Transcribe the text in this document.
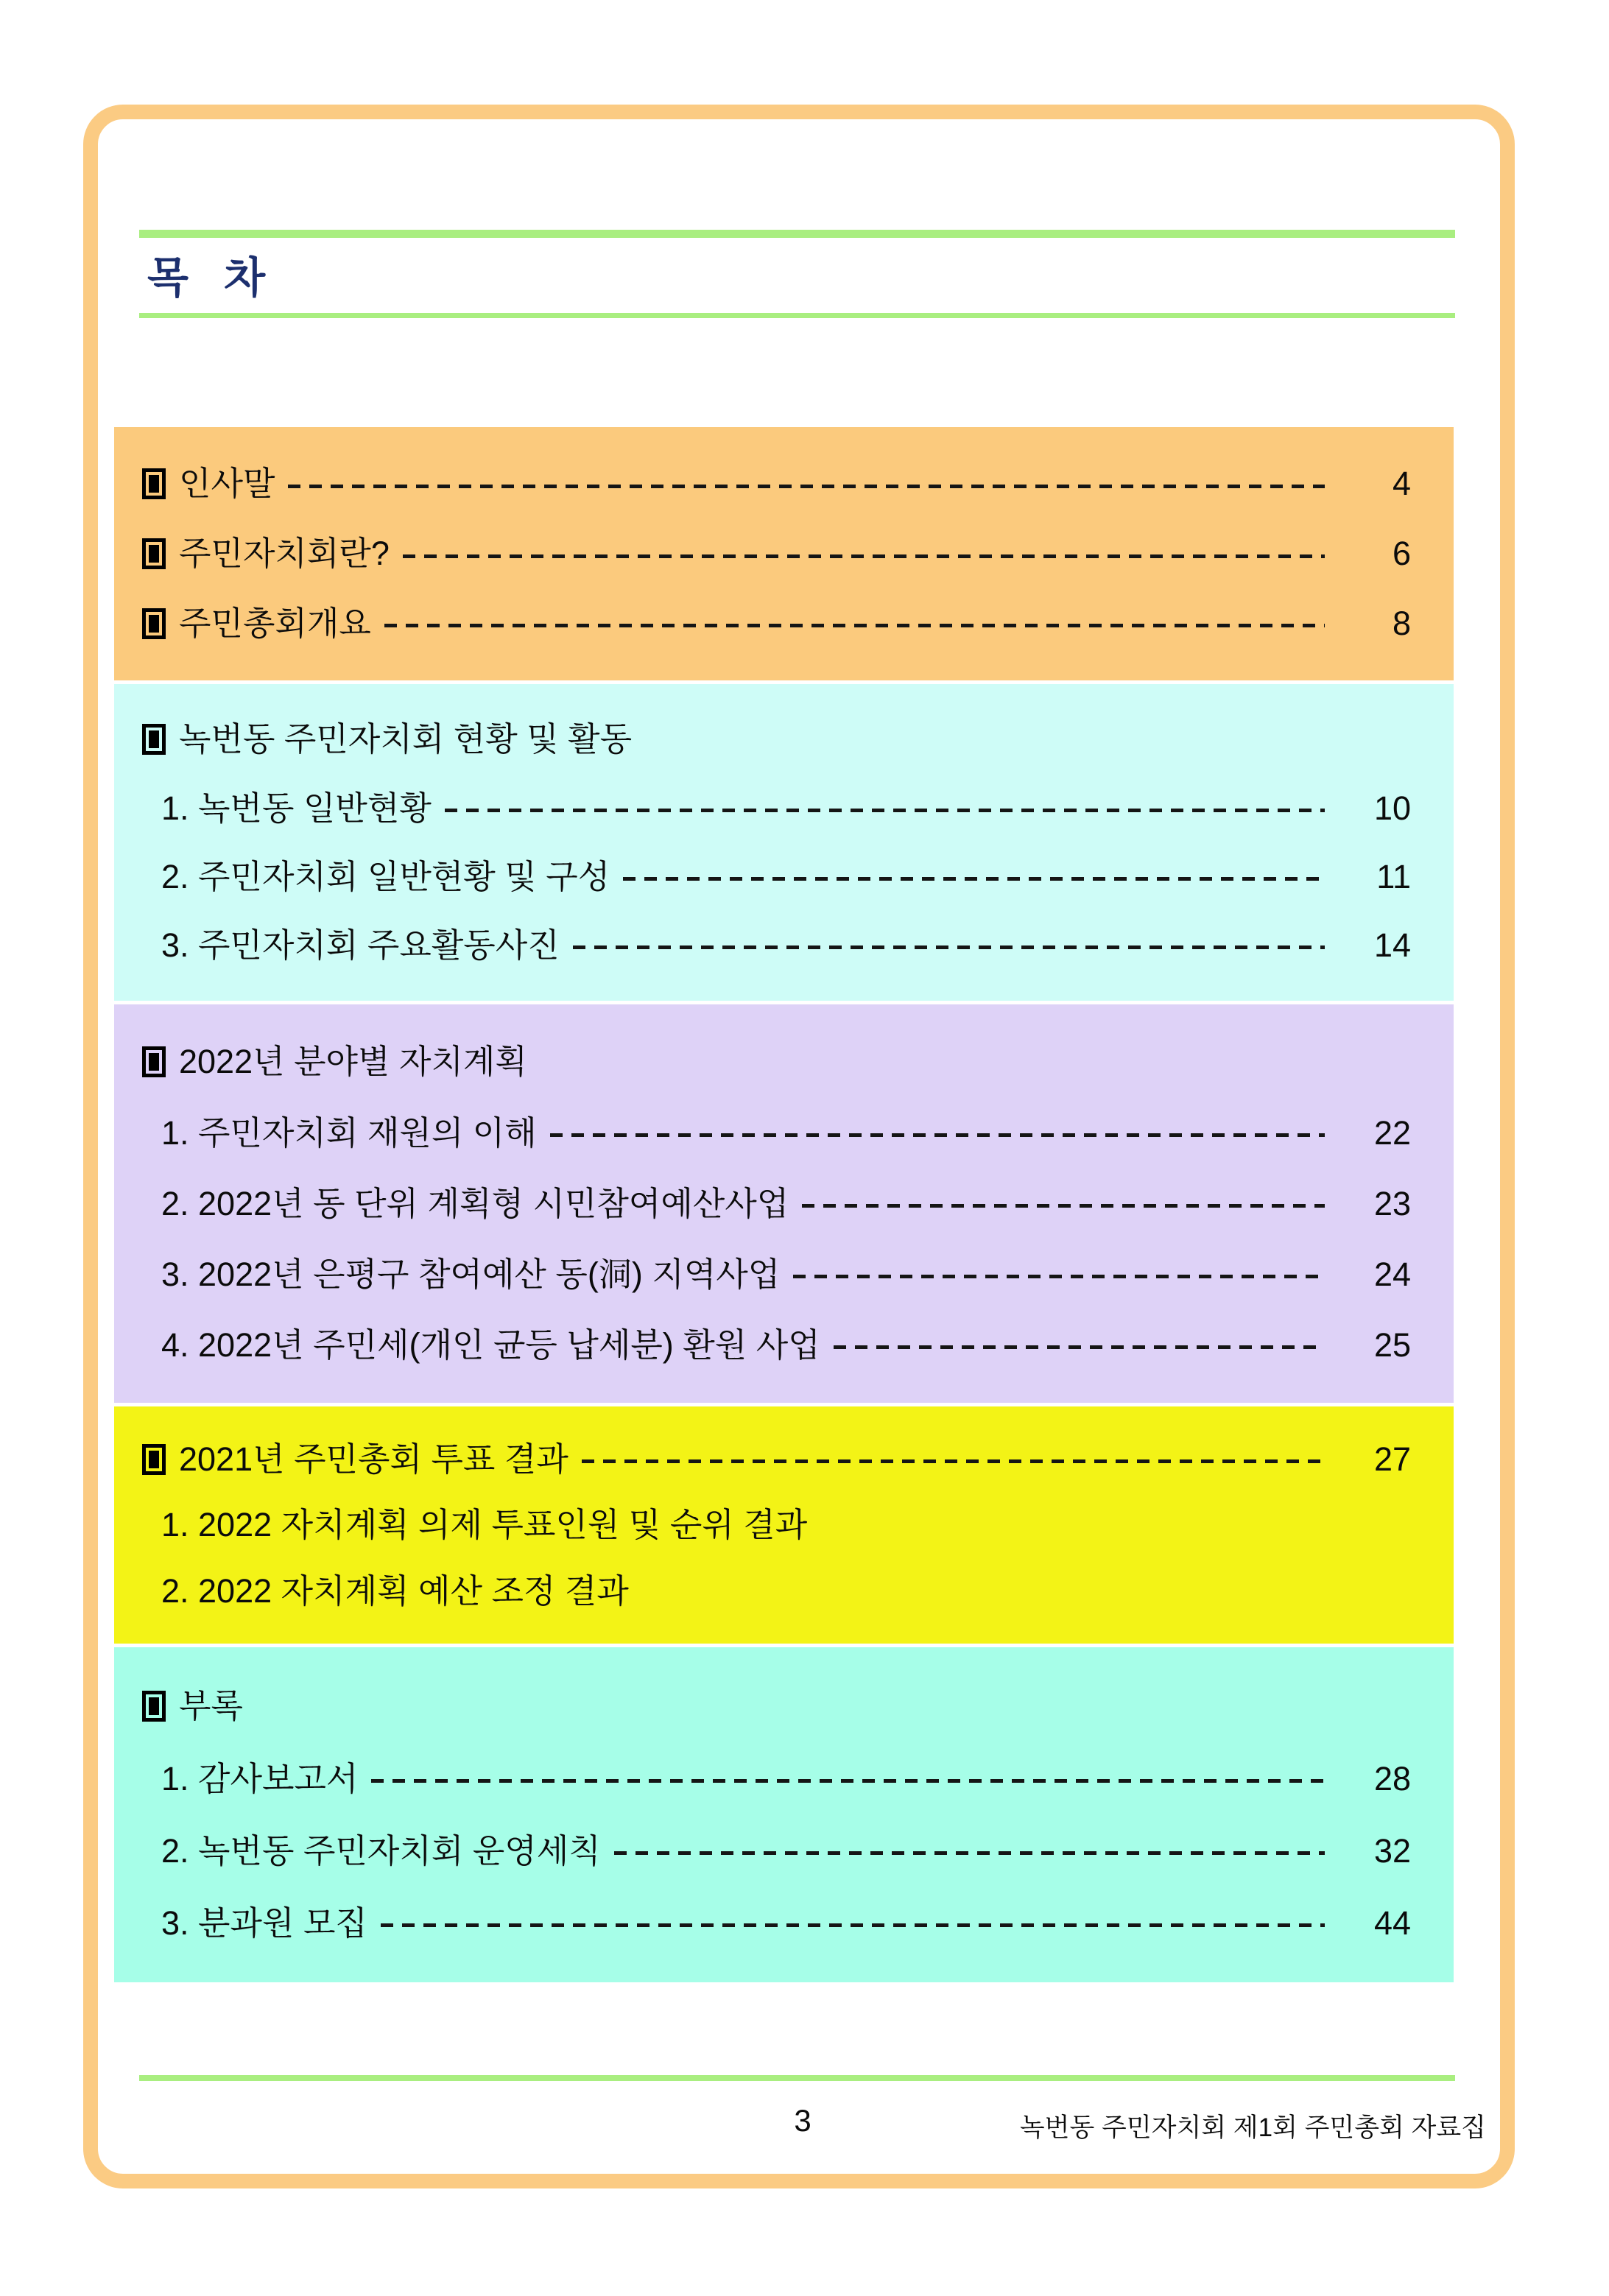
목 차
인사말	4
주민자치회란?	6
주민총회개요	8
녹번동 주민자치회 현황 및 활동
1. 녹번동 일반현황	10
2. 주민자치회 일반현황 및 구성	11
3. 주민자치회 주요활동사진	14
2022년 분야별 자치계획
1. 주민자치회 재원의 이해	22
2. 2022년 동 단위 계획형 시민참여예산사업	23
3. 2022년 은평구 참여예산 동(洞) 지역사업	24
4. 2022년 주민세(개인 균등 납세분) 환원 사업	25
2021년 주민총회 투표 결과	27
1. 2022 자치계획 의제 투표인원 및 순위 결과
2. 2022 자치계획 예산 조정 결과
부록
1. 감사보고서	28
2. 녹번동 주민자치회 운영세칙	32
3. 분과원 모집	44
3	녹번동 주민자치회 제1회 주민총회 자료집
